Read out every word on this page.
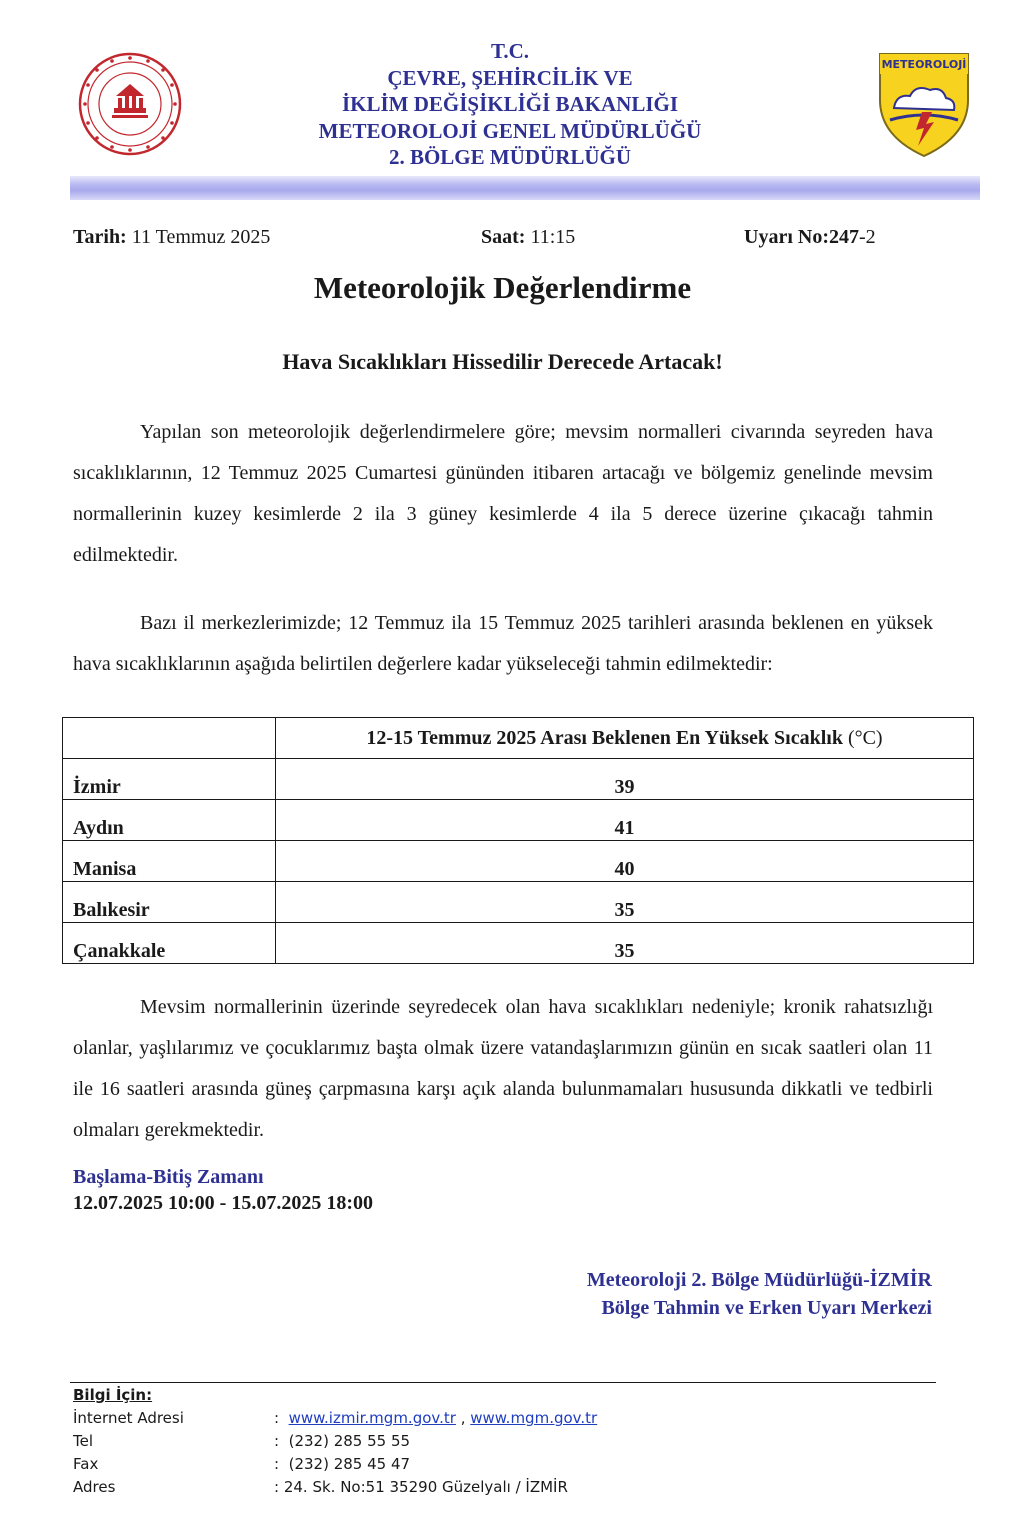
METEOROLOJİ
T.C.
ÇEVRE, ŞEHİRCİLİK VE
İKLİM DEĞİŞİKLİĞİ BAKANLIĞI
METEOROLOJİ GENEL MÜDÜRLÜĞÜ
2. BÖLGE MÜDÜRLÜĞÜ
Tarih: 11 Temmuz 2025	Saat: 11:15	Uyarı No:247-2
Meteorolojik Değerlendirme
Hava Sıcaklıkları Hissedilir Derecede Artacak!
Yapılan son meteorolojik değerlendirmelere göre; mevsim normalleri civarında seyreden hava sıcaklıklarının, 12 Temmuz 2025 Cumartesi gününden itibaren artacağı ve bölgemiz genelinde mevsim normallerinin kuzey kesimlerde 2 ila 3 güney kesimlerde 4 ila 5 derece üzerine çıkacağı tahmin edilmektedir.
Bazı il merkezlerimizde; 12 Temmuz ila 15 Temmuz 2025 tarihleri arasında beklenen en yüksek hava sıcaklıklarının aşağıda belirtilen değerlere kadar yükseleceği tahmin edilmektedir:
	12-15 Temmuz 2025 Arası Beklenen En Yüksek Sıcaklık (°C)
İzmir	39
Aydın	41
Manisa	40
Balıkesir	35
Çanakkale	35
Mevsim normallerinin üzerinde seyredecek olan hava sıcaklıkları nedeniyle; kronik rahatsızlığı olanlar, yaşlılarımız ve çocuklarımız başta olmak üzere vatandaşlarımızın günün en sıcak saatleri olan 11 ile 16 saatleri arasında güneş çarpmasına karşı açık alanda bulunmamaları hususunda dikkatli ve tedbirli olmaları gerekmektedir.
Başlama-Bitiş Zamanı
12.07.2025 10:00 - 15.07.2025 18:00
Meteoroloji 2. Bölge Müdürlüğü-İZMİR
Bölge Tahmin ve Erken Uyarı Merkezi
Bilgi İçin:
İnternet Adresi	: www.izmir.mgm.gov.tr , www.mgm.gov.tr
Tel	: (232) 285 55 55
Fax	: (232) 285 45 47
Adres	: 24. Sk. No:51 35290 Güzelyalı / İZMİR
